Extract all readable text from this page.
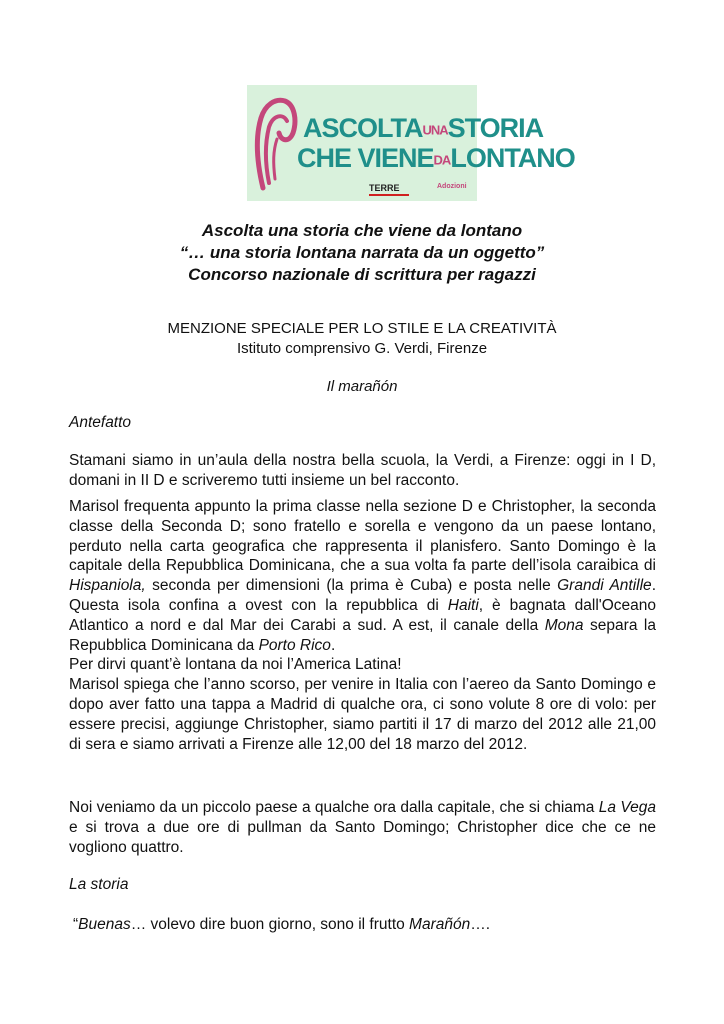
ASCOLTAUNASTORIA
CHE VIENEDALONTANO
TERRE	Adozioni
Ascolta una storia che viene da lontano
“… una storia lontana narrata da un oggetto”
Concorso nazionale di scrittura per ragazzi
MENZIONE SPECIALE PER LO STILE E LA CREATIVITÀ
Istituto comprensivo G. Verdi, Firenze
Il marañón
Antefatto
Stamani siamo in un’aula della nostra bella scuola, la Verdi, a Firenze: oggi in I D, domani in II D e scriveremo tutti insieme un bel racconto.
Marisol frequenta appunto la prima classe nella sezione D e Christopher, la seconda classe della Seconda D; sono fratello e sorella e vengono da un paese lontano, perduto nella carta geografica che rappresenta il planisfero. Santo Domingo è la capitale della Repubblica Dominicana, che a sua volta fa parte dell’isola caraibica di Hispaniola, seconda per dimensioni (la prima è Cuba) e posta nelle Grandi Antille. Questa isola confina a ovest con la repubblica di Haiti, è bagnata dall'Oceano Atlantico a nord e dal Mar dei Carabi a sud. A est, il canale della Mona separa la Repubblica Dominicana da Porto Rico.
Per dirvi quant’è lontana da noi l’America Latina!
Marisol spiega che l’anno scorso, per venire in Italia con l’aereo da Santo Domingo e dopo aver fatto una tappa a Madrid di qualche ora, ci sono volute 8 ore di volo: per essere precisi, aggiunge Christopher, siamo partiti il 17 di marzo del 2012 alle 21,00 di sera e siamo arrivati a Firenze alle 12,00 del 18 marzo del 2012.
Noi veniamo da un piccolo paese a qualche ora dalla capitale, che si chiama La Vega e si trova a due ore di pullman da Santo Domingo; Christopher dice che ce ne vogliono quattro.
La storia
“Buenas… volevo dire buon giorno, sono il frutto Marañón….
